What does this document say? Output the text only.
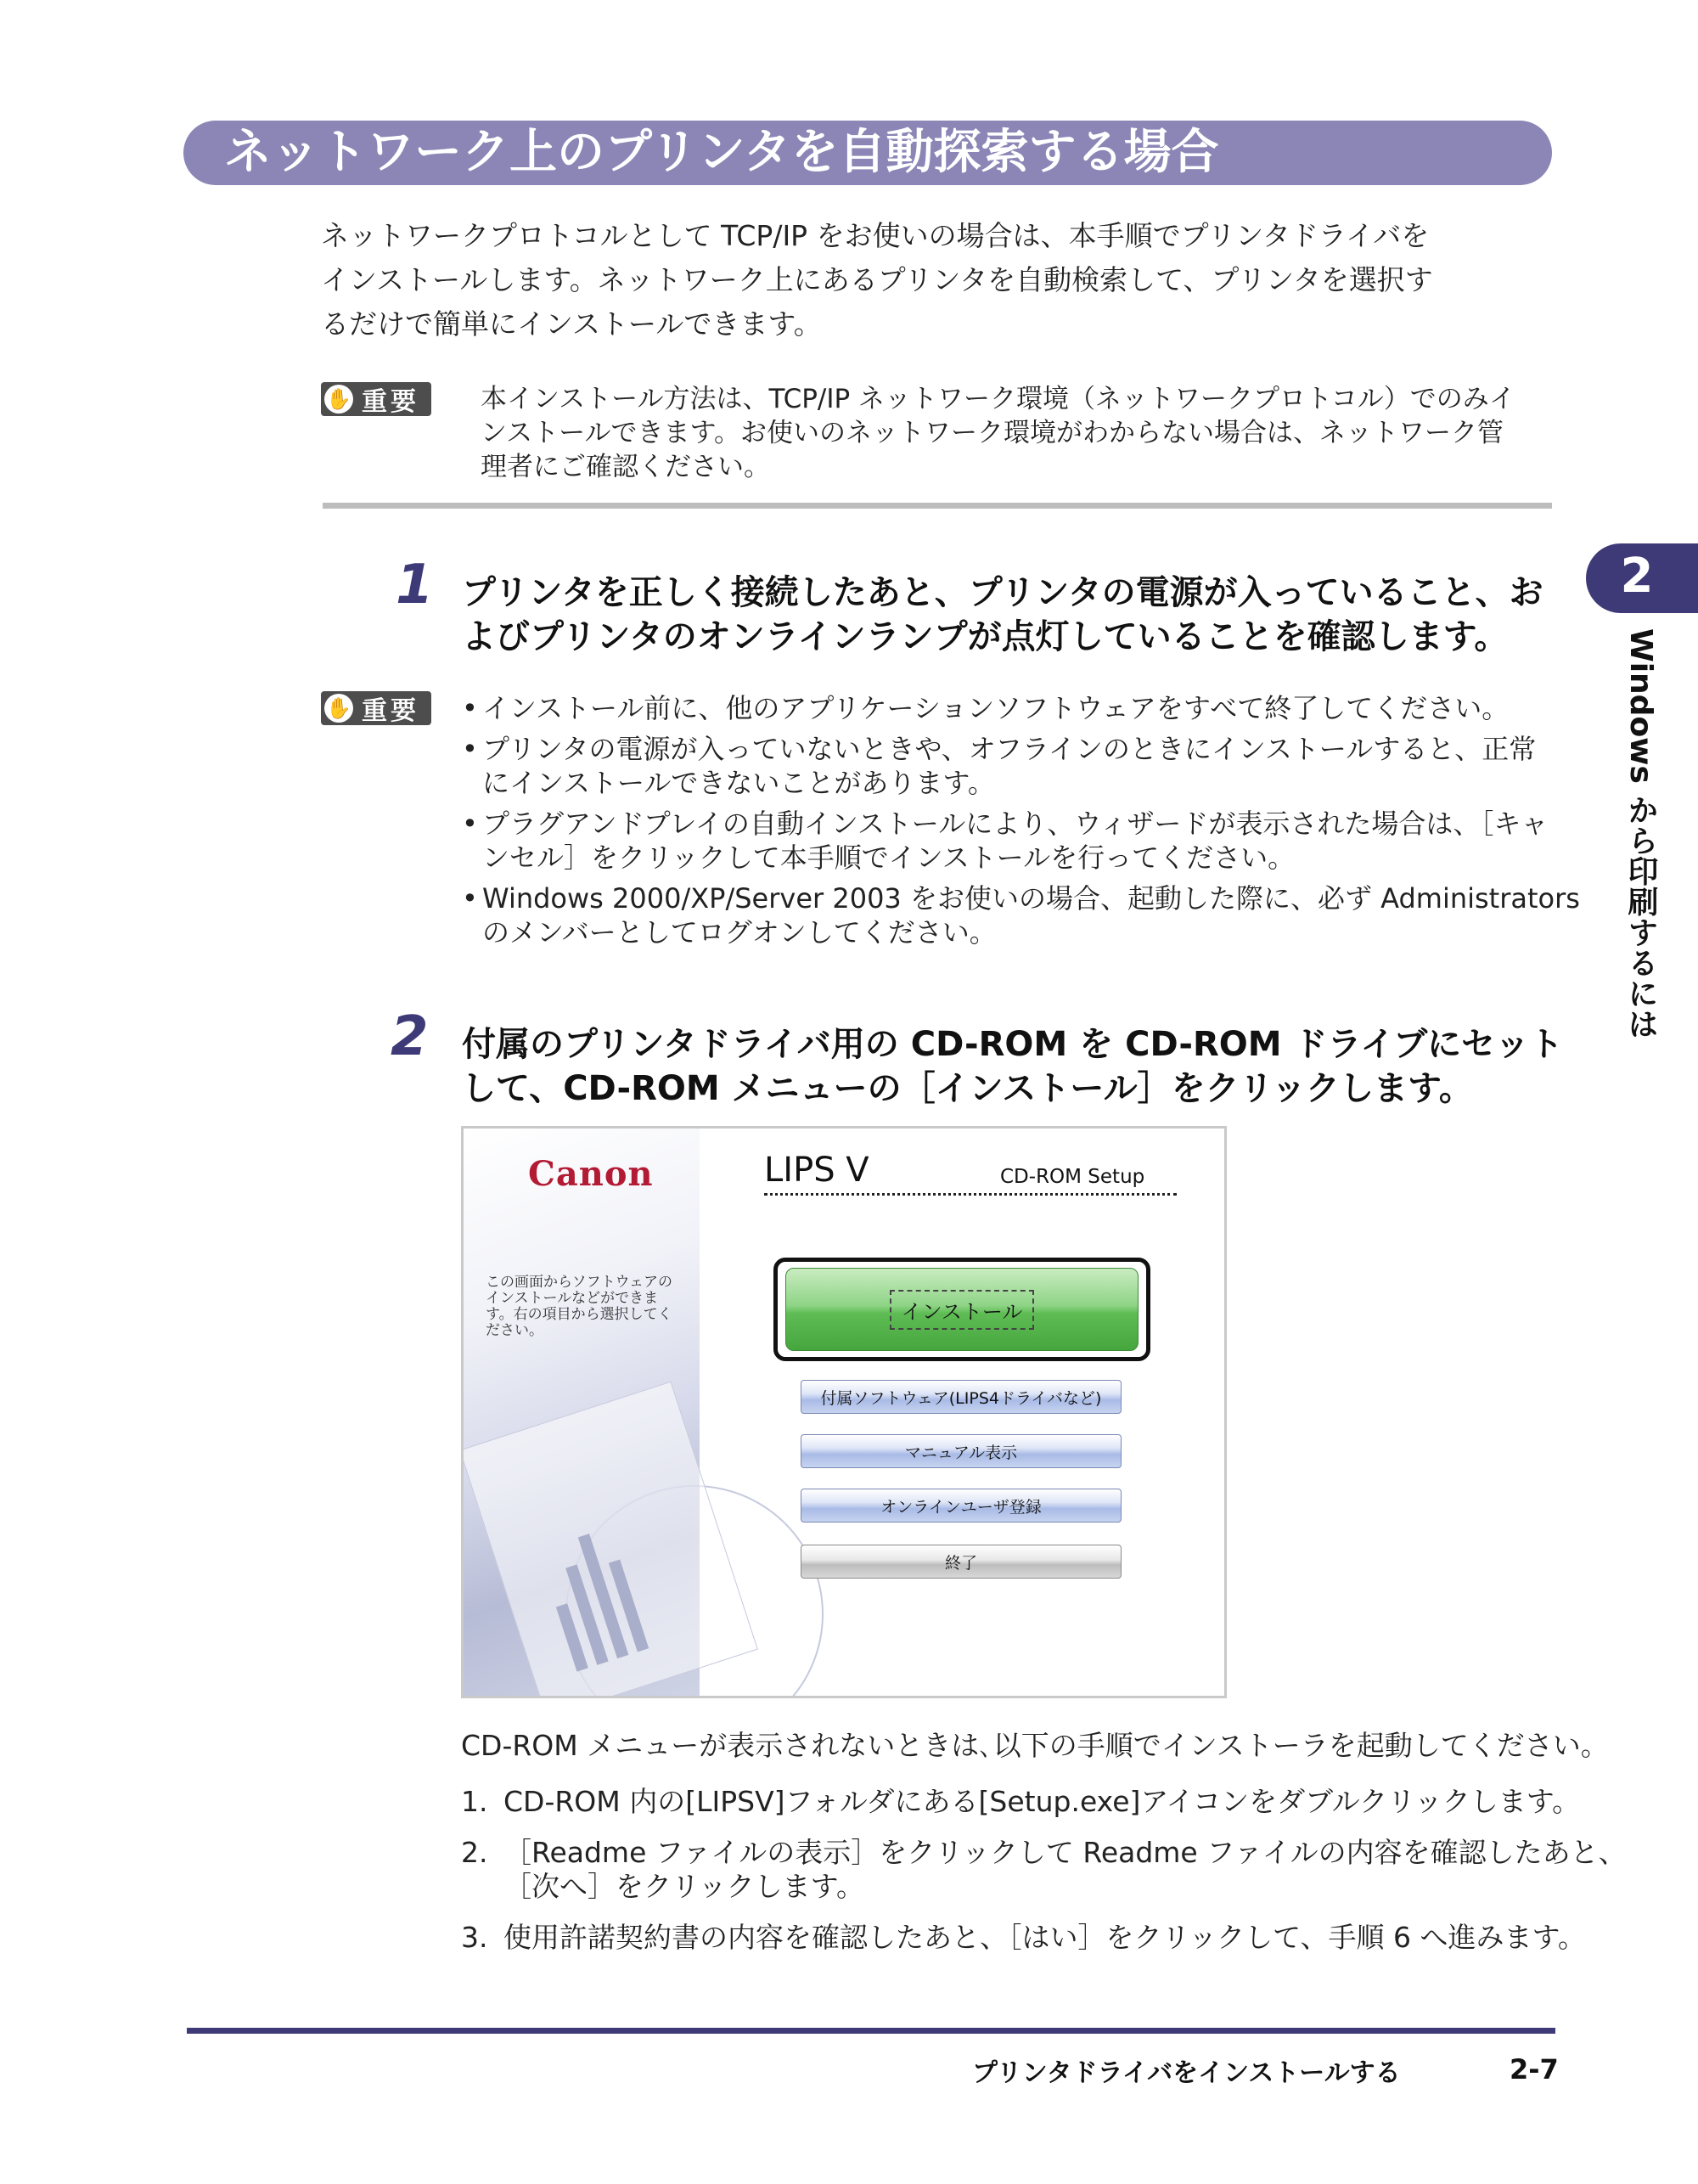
ネットワーク上のプリンタを自動探索する場合
ネットワークプロトコルとして TCP/IP をお使いの場合は、本手順でプリンタドライバを
インストールします。ネットワーク上にあるプリンタを自動検索して、プリンタを選択す
るだけで簡単にインストールできます。
✋ 重要 本インストール方法は、TCP/IP ネットワーク環境（ネットワークプロトコル）でのみイ
ンストールできます。お使いのネットワーク環境がわからない場合は、ネットワーク管
理者にご確認ください。
1 プリンタを正しく接続したあと、プリンタの電源が入っていること、お
よびプリンタのオンラインランプが点灯していることを確認します。
✋ 重要 • インストール前に、他のアプリケーションソフトウェアをすべて終了してください。
• プリンタの電源が入っていないときや、オフラインのときにインストールすると、正常
にインストールできないことがあります。
• プラグアンドプレイの自動インストールにより、ウィザードが表示された場合は、［キャ
ンセル］をクリックして本手順でインストールを行ってください。
• Windows 2000/XP/Server 2003 をお使いの場合、起動した際に、必ず Administrators
のメンバーとしてログオンしてください。
2 付属のプリンタドライバ用の CD-ROM を CD-ROM ドライブにセット
して、CD-ROM メニューの［インストール］をクリックします。
Canon
この画面からソフトウェアの
インストールなどができま
す。右の項目から選択してく
ださい。
LIPS V	CD-ROM Setup
インストール
付属ソフトウェア(LIPS4ドライバなど)
マニュアル表示
オンラインユーザ登録
終了
CD-ROM メニューが表示されないときは､以下の手順でインストーラを起動してください。
1. CD-ROM 内の[LIPSV]フォルダにある[Setup.exe]アイコンをダブルクリックします。
2. ［Readme ファイルの表示］をクリックして Readme ファイルの内容を確認したあと、
［次へ］をクリックします。
3. 使用許諾契約書の内容を確認したあと、［はい］をクリックして、手順 6 へ進みます。
プリンタドライバをインストールする	2-7
2
Windows から印刷するには
